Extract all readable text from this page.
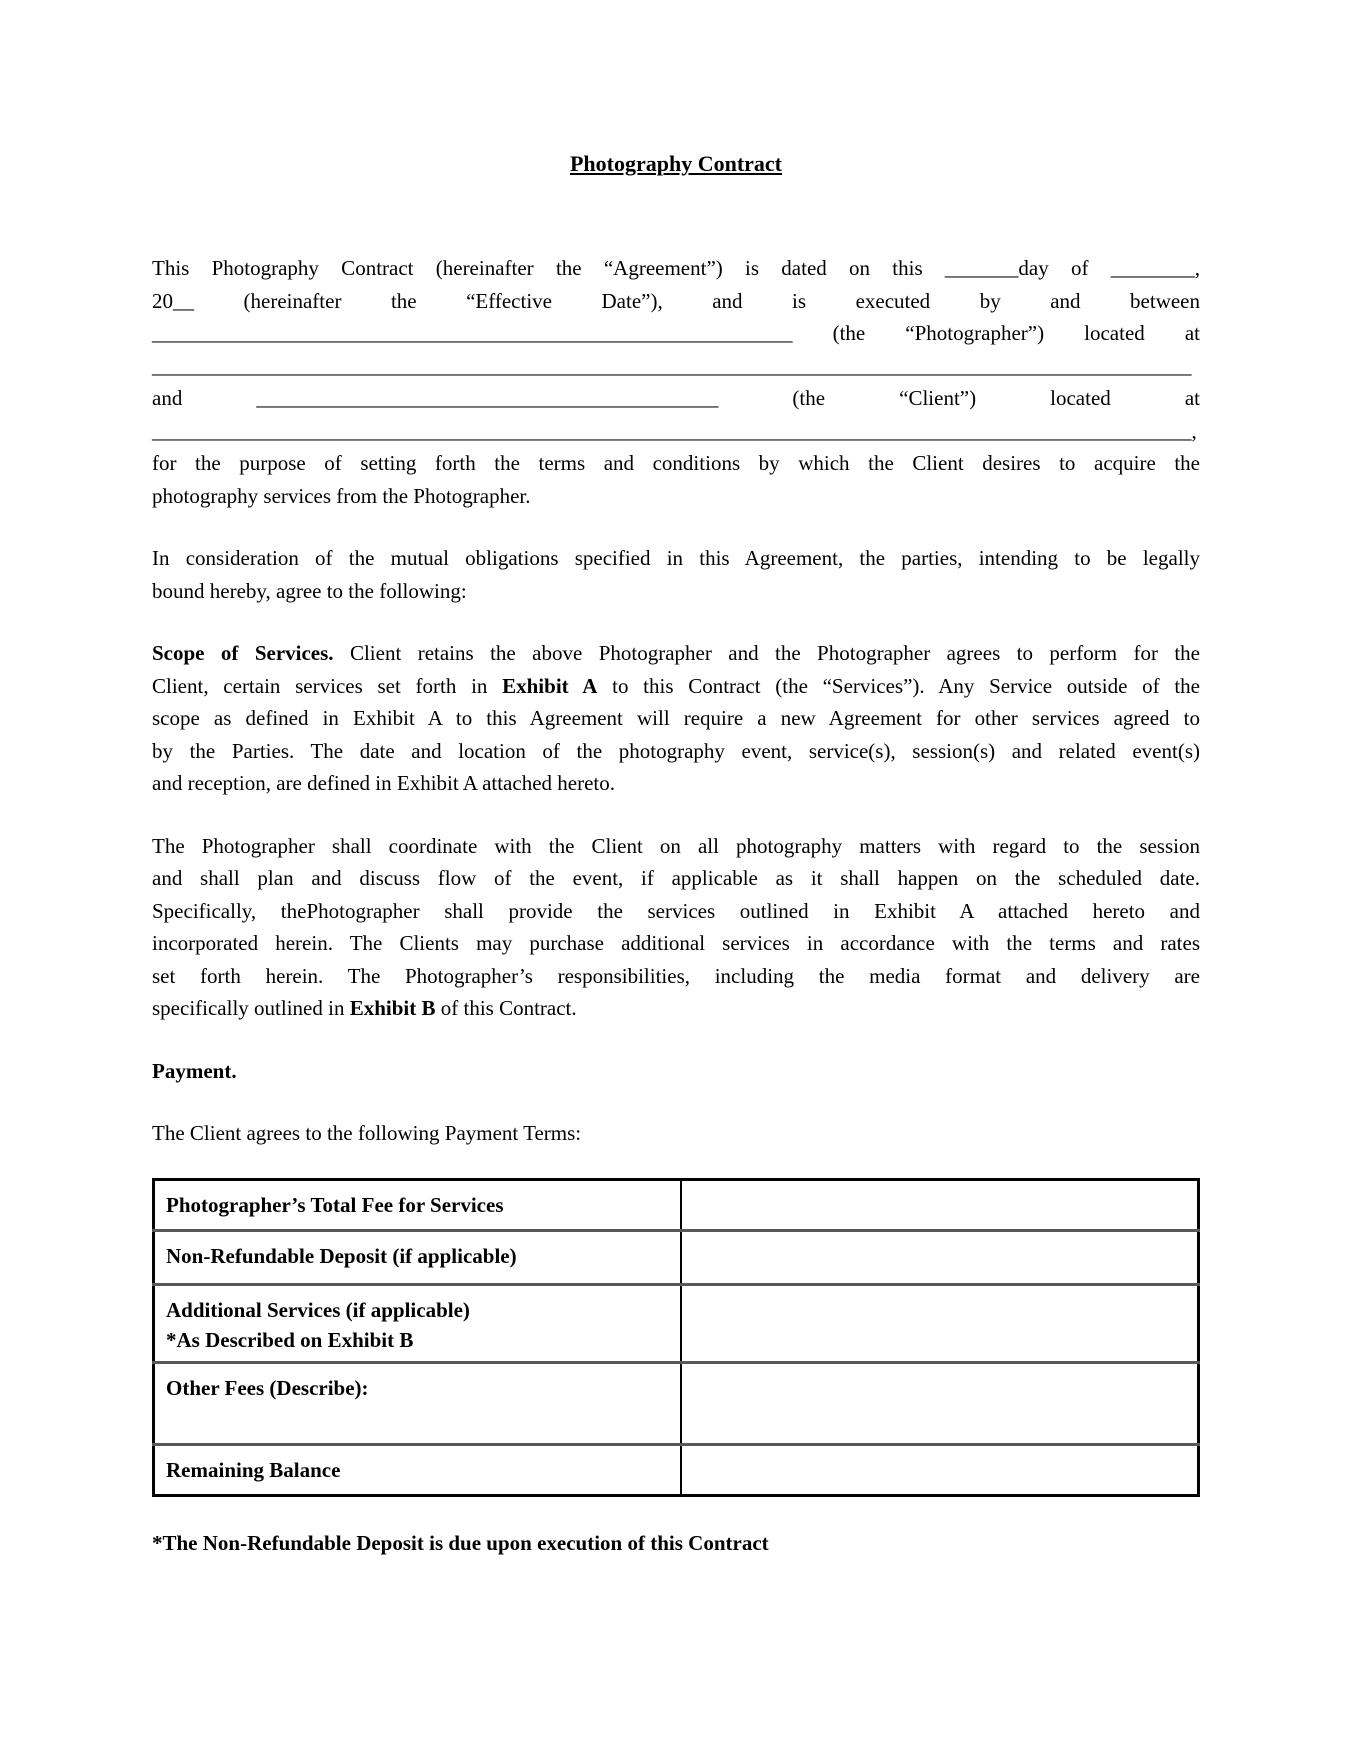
Photography Contract
This Photography Contract (hereinafter the “Agreement”) is dated on this _______day of ________,
20__ (hereinafter the “Effective Date”), and is executed by and between
_____________________________________________________________ (the “Photographer”) located at
___________________________________________________________________________________________________
and ____________________________________________ (the “Client”) located at
___________________________________________________________________________________________________,
for the purpose of setting forth the terms and conditions by which the Client desires to acquire the
photography services from the Photographer.
In consideration of the mutual obligations specified in this Agreement, the parties, intending to be legally
bound hereby, agree to the following:
Scope of Services. Client retains the above Photographer and the Photographer agrees to perform for the
Client, certain services set forth in Exhibit A to this Contract (the “Services”). Any Service outside of the
scope as defined in Exhibit A to this Agreement will require a new Agreement for other services agreed to
by the Parties. The date and location of the photography event, service(s), session(s) and related event(s)
and reception, are defined in Exhibit A attached hereto.
The Photographer shall coordinate with the Client on all photography matters with regard to the session
and shall plan and discuss flow of the event, if applicable as it shall happen on the scheduled date.
Specifically, thePhotographer shall provide the services outlined in Exhibit A attached hereto and
incorporated herein. The Clients may purchase additional services in accordance with the terms and rates
set forth herein. The Photographer’s responsibilities, including the media format and delivery are
specifically outlined in Exhibit B of this Contract.

Payment.

The Client agrees to the following Payment Terms:

Photographer’s Total Fee for Services	

Non-Refundable Deposit (if applicable)	

Additional Services (if applicable)
*As Described on Exhibit B	

Other Fees (Describe):	

Remaining Balance	

*The Non-Refundable Deposit is due upon execution of this Contract
